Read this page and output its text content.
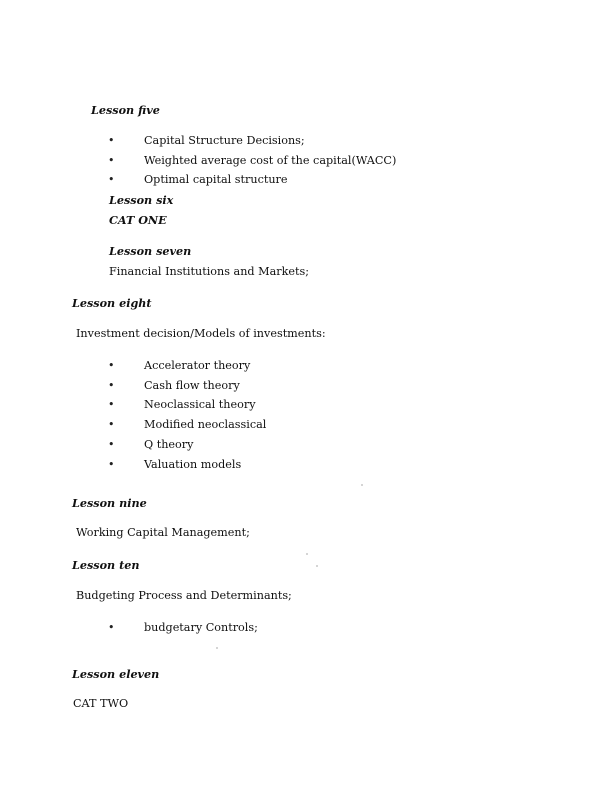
Lesson five
•	Capital Structure Decisions;
•	Weighted average cost of the capital(WACC)
•	Optimal capital structure
Lesson six
CAT ONE
Lesson seven
Financial Institutions and Markets;
Lesson eight
Investment decision/Models of investments:
•	Accelerator theory
•	Cash flow theory
•	Neoclassical theory
•	Modified neoclassical
•	Q theory
•	Valuation models
Lesson nine
Working Capital Management;
Lesson ten
Budgeting Process and Determinants;
•	budgetary Controls;
Lesson eleven
CAT TWO
